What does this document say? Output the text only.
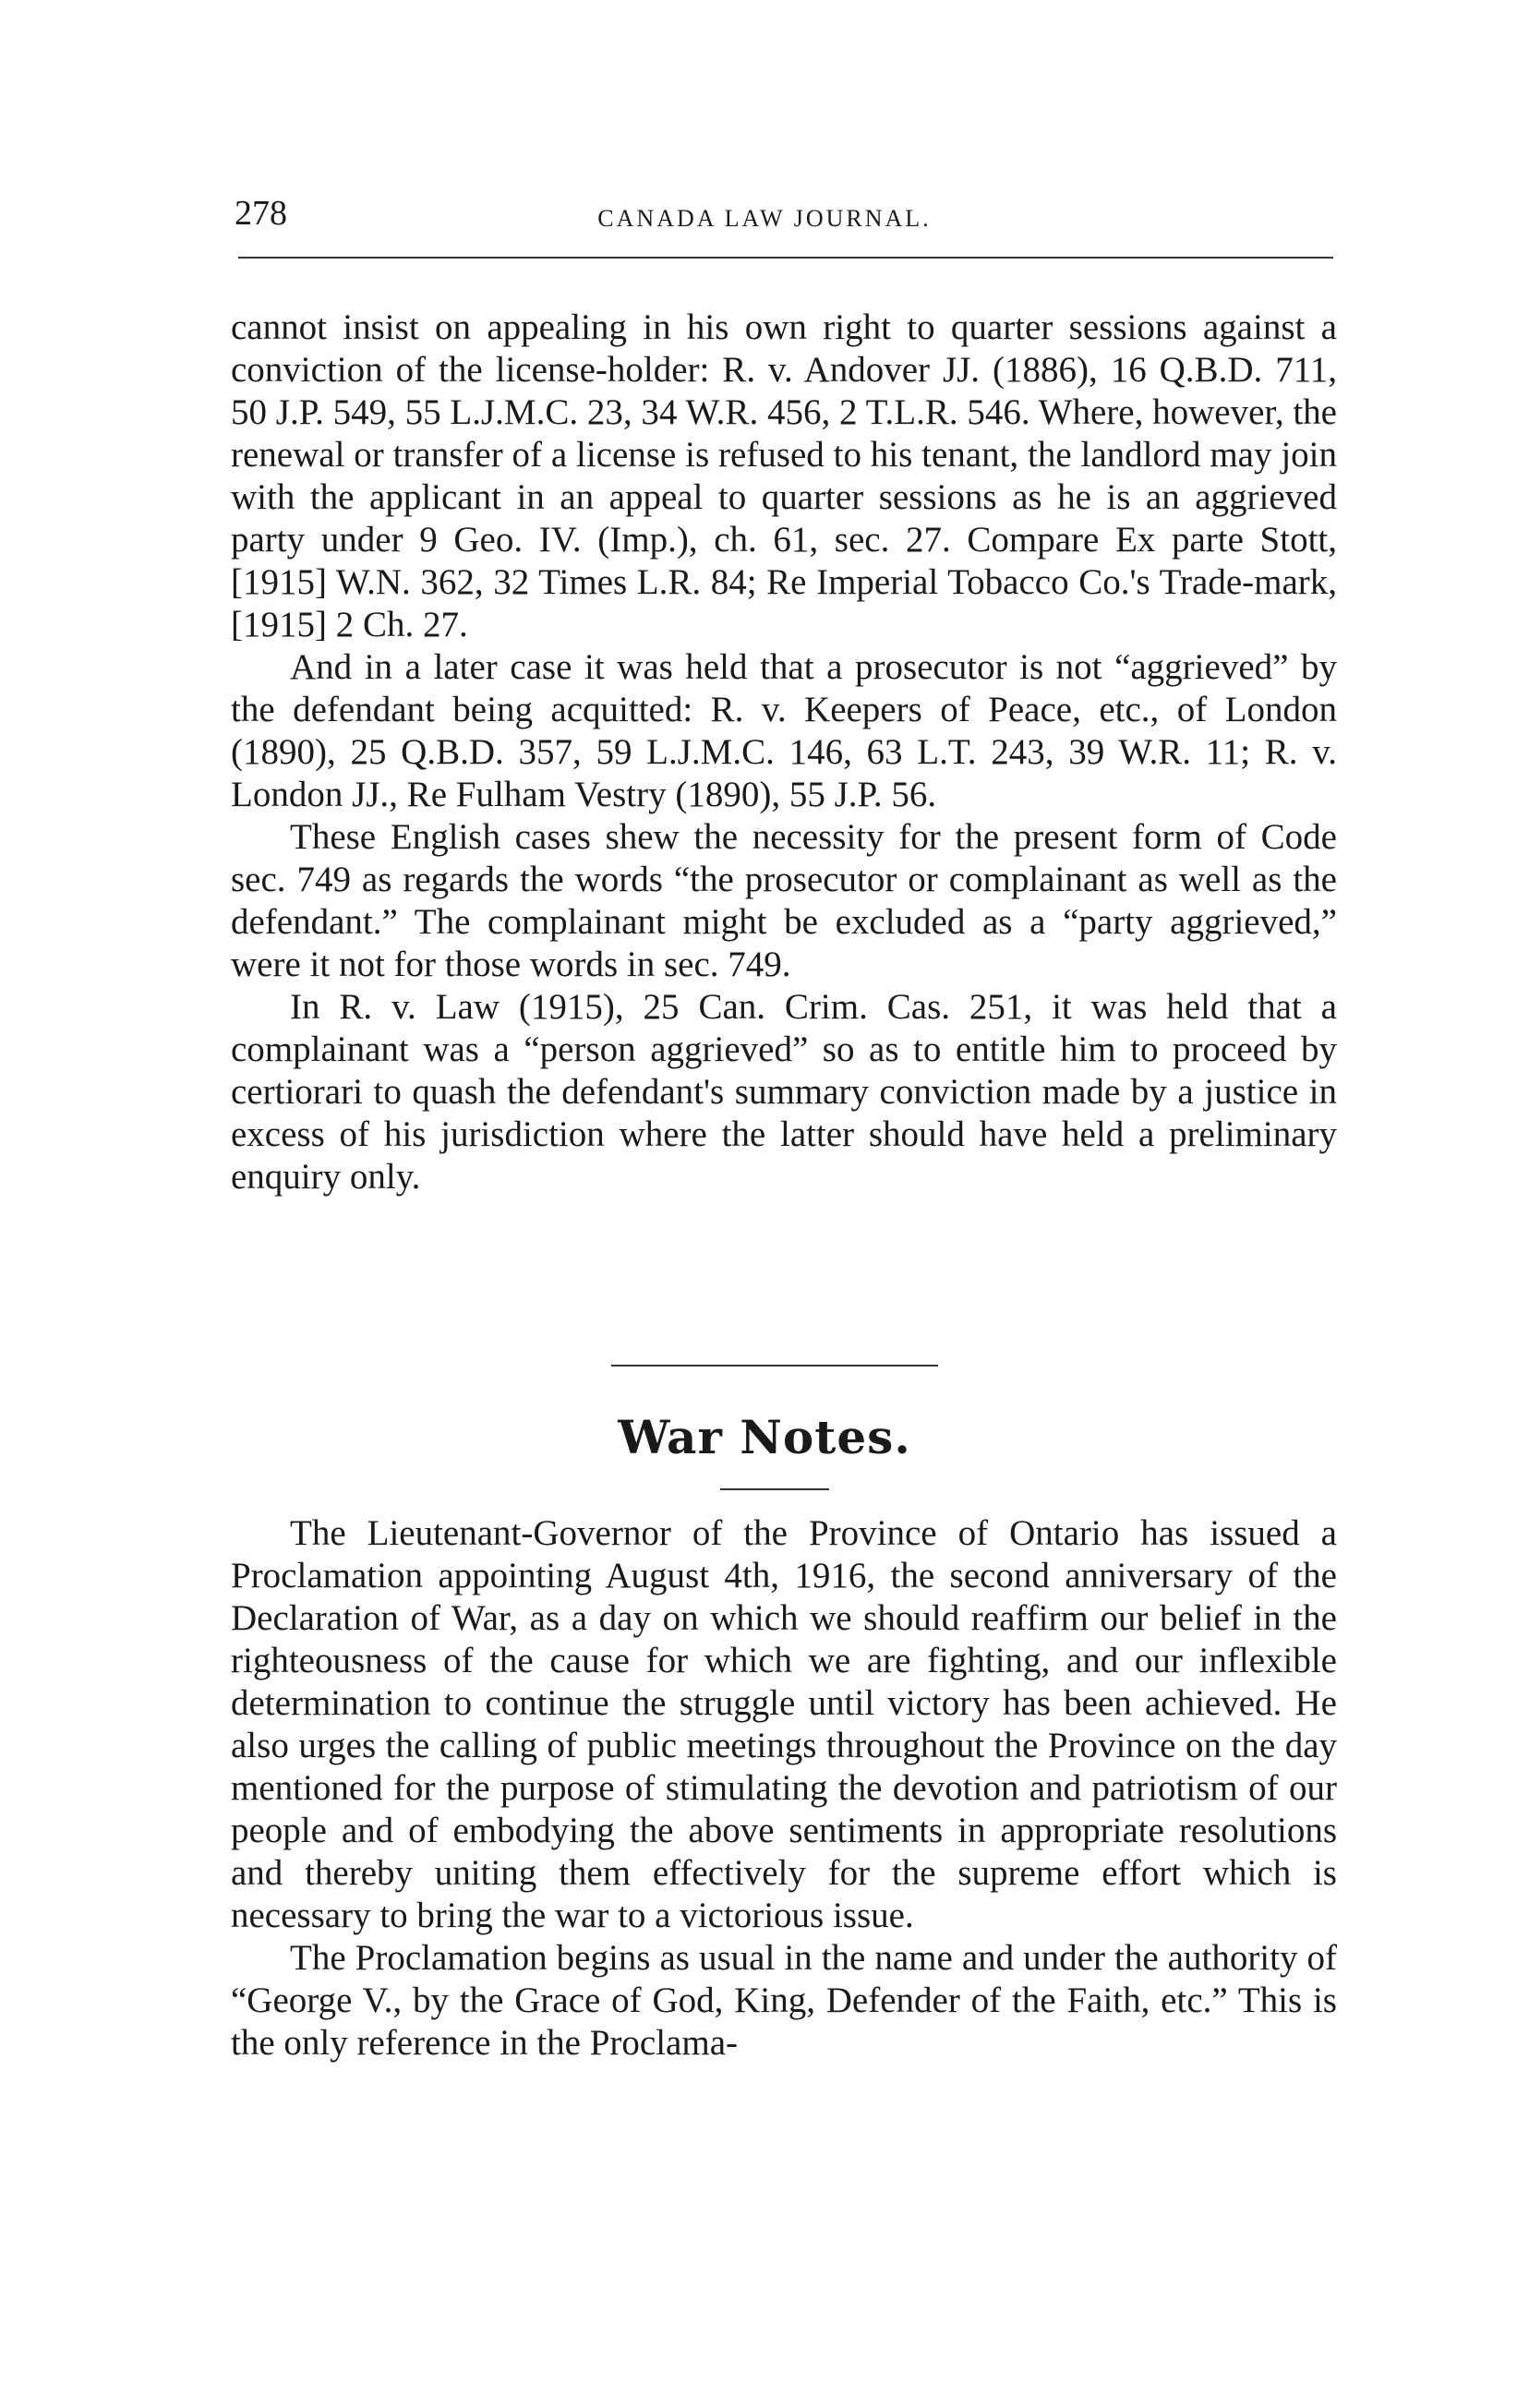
278	CANADA LAW JOURNAL.

cannot insist on appealing in his own right to quarter sessions against a conviction of the license-holder: R. v. Andover JJ. (1886), 16 Q.B.D. 711, 50 J.P. 549, 55 L.J.M.C. 23, 34 W.R. 456, 2 T.L.R. 546. Where, however, the renewal or transfer of a license is refused to his tenant, the landlord may join with the applicant in an appeal to quarter sessions as he is an aggrieved party under 9 Geo. IV. (Imp.), ch. 61, sec. 27. Compare Ex parte Stott, [1915] W.N. 362, 32 Times L.R. 84; Re Imperial Tobacco Co.'s Trade-mark, [1915] 2 Ch. 27.

And in a later case it was held that a prosecutor is not “aggrieved” by the defendant being acquitted: R. v. Keepers of Peace, etc., of London (1890), 25 Q.B.D. 357, 59 L.J.M.C. 146, 63 L.T. 243, 39 W.R. 11; R. v. London JJ., Re Fulham Vestry (1890), 55 J.P. 56.

These English cases shew the necessity for the present form of Code sec. 749 as regards the words “the prosecutor or complainant as well as the defendant.” The complainant might be excluded as a “party aggrieved,” were it not for those words in sec. 749.

In R. v. Law (1915), 25 Can. Crim. Cas. 251, it was held that a complainant was a “person aggrieved” so as to entitle him to proceed by certiorari to quash the defendant's summary conviction made by a justice in excess of his jurisdiction where the latter should have held a preliminary enquiry only.

War Notes.

The Lieutenant-Governor of the Province of Ontario has issued a Proclamation appointing August 4th, 1916, the second anniversary of the Declaration of War, as a day on which we should reaffirm our belief in the righteousness of the cause for which we are fighting, and our inflexible determination to continue the struggle until victory has been achieved. He also urges the calling of public meetings throughout the Province on the day mentioned for the purpose of stimulating the devotion and patriotism of our people and of embodying the above sentiments in appropriate resolutions and thereby uniting them effectively for the supreme effort which is necessary to bring the war to a victorious issue.

The Proclamation begins as usual in the name and under the authority of “George V., by the Grace of God, King, Defender of the Faith, etc.” This is the only reference in the Proclama-
